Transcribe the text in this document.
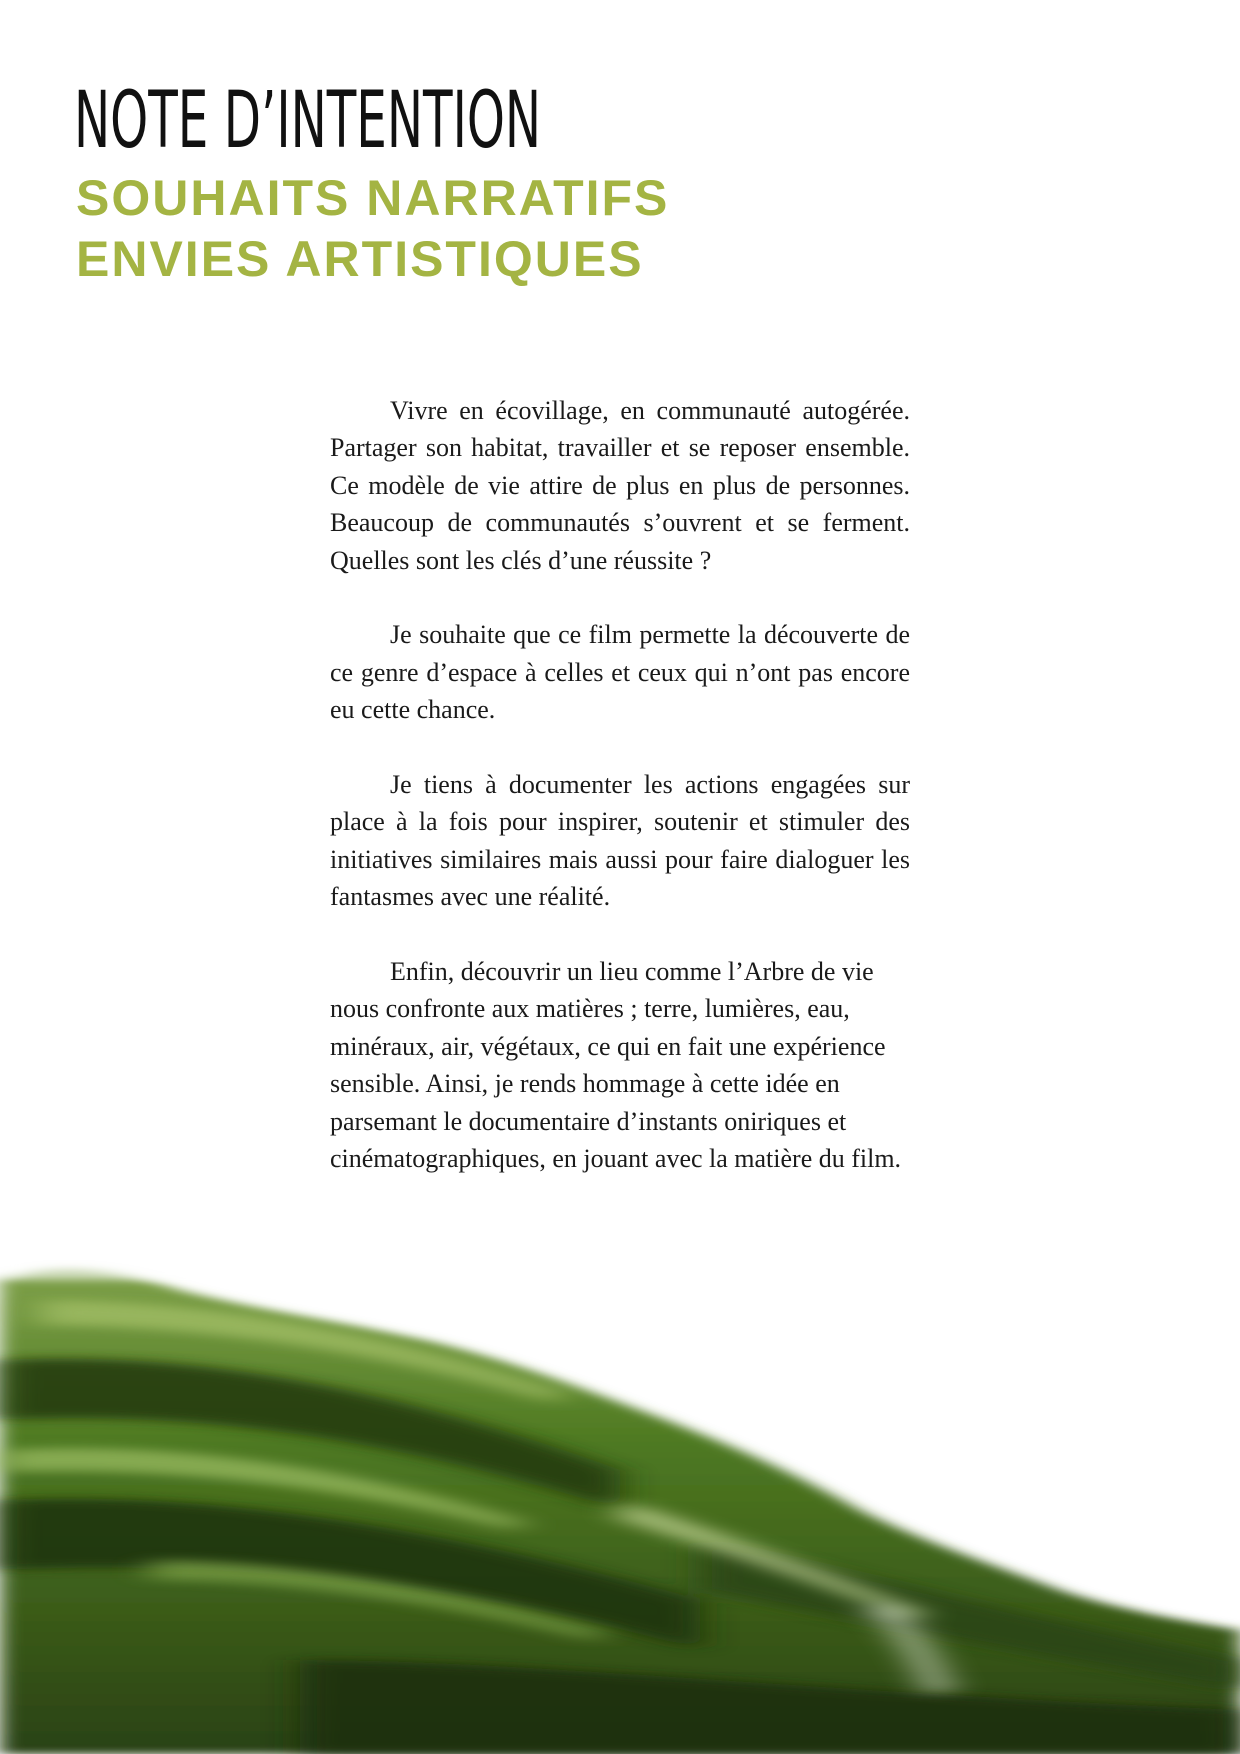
NOTE D’INTENTION
SOUHAITS NARRATIFS
ENVIES ARTISTIQUES

Vivre en écovillage, en communauté autogérée. Partager son habitat, travailler et se reposer ensemble. Ce modèle de vie attire de plus en plus de personnes. Beaucoup de communautés s’ouvrent et se ferment. Quelles sont les clés d’une réussite ?

Je souhaite que ce film permette la découverte de ce genre d’espace à celles et ceux qui n’ont pas encore eu cette chance.

Je tiens à documenter les actions engagées sur place à la fois pour inspirer, soutenir et stimuler des initiatives similaires mais aussi pour faire dialoguer les fantasmes avec une réalité.

Enfin, découvrir un lieu comme l’Arbre de vie nous confronte aux matières ; terre, lumières, eau, minéraux, air, végétaux, ce qui en fait une expérience sensible. Ainsi, je rends hommage à cette idée en parsemant le documentaire d’instants oniriques et cinématographiques, en jouant avec la matière du film.
